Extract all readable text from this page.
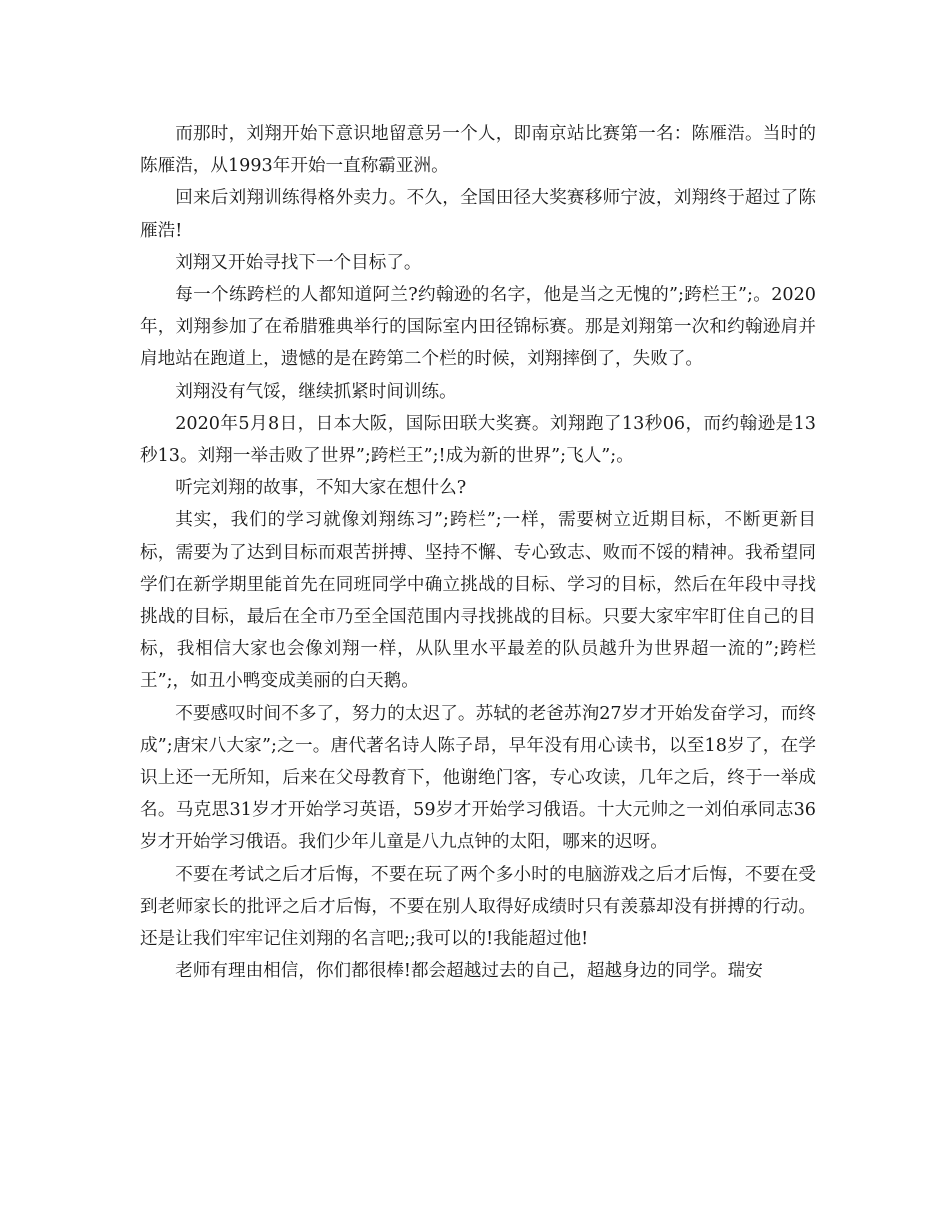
而那时，刘翔开始下意识地留意另一个人，即南京站比赛第一名：陈雁浩。当时的陈雁浩，从1993年开始一直称霸亚洲。

回来后刘翔训练得格外卖力。不久，全国田径大奖赛移师宁波，刘翔终于超过了陈雁浩!

刘翔又开始寻找下一个目标了。

每一个练跨栏的人都知道阿兰?约翰逊的名字，他是当之无愧的”;跨栏王”;。2020年，刘翔参加了在希腊雅典举行的国际室内田径锦标赛。那是刘翔第一次和约翰逊肩并肩地站在跑道上，遗憾的是在跨第二个栏的时候，刘翔摔倒了，失败了。

刘翔没有气馁，继续抓紧时间训练。

2020年5月8日，日本大阪，国际田联大奖赛。刘翔跑了13秒06，而约翰逊是13秒13。刘翔一举击败了世界”;跨栏王”;!成为新的世界”;飞人”;。

听完刘翔的故事，不知大家在想什么?

其实，我们的学习就像刘翔练习”;跨栏”;一样，需要树立近期目标，不断更新目标，需要为了达到目标而艰苦拼搏、坚持不懈、专心致志、败而不馁的精神。我希望同学们在新学期里能首先在同班同学中确立挑战的目标、学习的目标，然后在年段中寻找挑战的目标，最后在全市乃至全国范围内寻找挑战的目标。只要大家牢牢盯住自己的目标，我相信大家也会像刘翔一样，从队里水平最差的队员越升为世界超一流的”;跨栏王”;，如丑小鸭变成美丽的白天鹅。

不要感叹时间不多了，努力的太迟了。苏轼的老爸苏洵27岁才开始发奋学习，而终成”;唐宋八大家”;之一。唐代著名诗人陈子昂，早年没有用心读书，以至18岁了，在学识上还一无所知，后来在父母教育下，他谢绝门客，专心攻读，几年之后，终于一举成名。马克思31岁才开始学习英语，59岁才开始学习俄语。十大元帅之一刘伯承同志36岁才开始学习俄语。我们少年儿童是八九点钟的太阳，哪来的迟呀。

不要在考试之后才后悔，不要在玩了两个多小时的电脑游戏之后才后悔，不要在受到老师家长的批评之后才后悔，不要在别人取得好成绩时只有羡慕却没有拼搏的行动。还是让我们牢牢记住刘翔的名言吧;;我可以的!我能超过他!

老师有理由相信，你们都很棒!都会超越过去的自己，超越身边的同学。瑞安
